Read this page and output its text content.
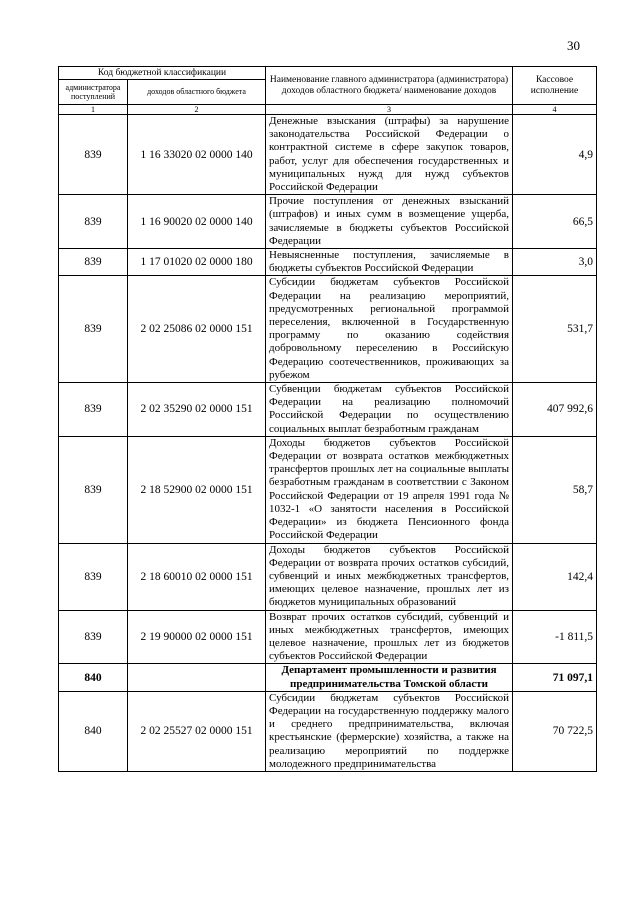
30
Код бюджетной классификации		Наименование главного администратора (администратора) доходов областного бюджета/ наименование доходов	Кассовое исполнение
администратора поступлений	доходов областного бюджета		
1	2	3	4
839	1 16 33020 02 0000 140	Денежные взыскания (штрафы) за нарушение законодательства Российской Федерации о контрактной системе в сфере закупок товаров, работ, услуг для обеспечения государственных и муниципальных нужд для нужд субъектов Российской Федерации	4,9
839	1 16 90020 02 0000 140	Прочие поступления от денежных взысканий (штрафов) и иных сумм в возмещение ущерба, зачисляемые в бюджеты субъектов Российской Федерации	66,5
839	1 17 01020 02 0000 180	Невыясненные поступления, зачисляемые в бюджеты субъектов Российской Федерации	3,0
839	2 02 25086 02 0000 151	Субсидии бюджетам субъектов Российской Федерации на реализацию мероприятий, предусмотренных региональной программой переселения, включенной в Государственную программу по оказанию содействия добровольному переселению в Российскую Федерацию соотечественников, проживающих за рубежом	531,7
839	2 02 35290 02 0000 151	Субвенции бюджетам субъектов Российской Федерации на реализацию полномочий Российской Федерации по осуществлению социальных выплат безработным гражданам	407 992,6
839	2 18 52900 02 0000 151	Доходы бюджетов субъектов Российской Федерации от возврата остатков межбюджетных трансфертов прошлых лет на социальные выплаты безработным гражданам в соответствии с Законом Российской Федерации от 19 апреля 1991 года № 1032-1 «О занятости населения в Российской Федерации» из бюджета Пенсионного фонда Российской Федерации	58,7
839	2 18 60010 02 0000 151	Доходы бюджетов субъектов Российской Федерации от возврата прочих остатков субсидий, субвенций и иных межбюджетных трансфертов, имеющих целевое назначение, прошлых лет из бюджетов муниципальных образований	142,4
839	2 19 90000 02 0000 151	Возврат прочих остатков субсидий, субвенций и иных межбюджетных трансфертов, имеющих целевое назначение, прошлых лет из бюджетов субъектов Российской Федерации	-1 811,5
840		Департамент промышленности и развития предпринимательства Томской области	71 097,1
840	2 02 25527 02 0000 151	Субсидии бюджетам субъектов Российской Федерации на государственную поддержку малого и среднего предпринимательства, включая крестьянские (фермерские) хозяйства, а также на реализацию мероприятий по поддержке молодежного предпринимательства	70 722,5
